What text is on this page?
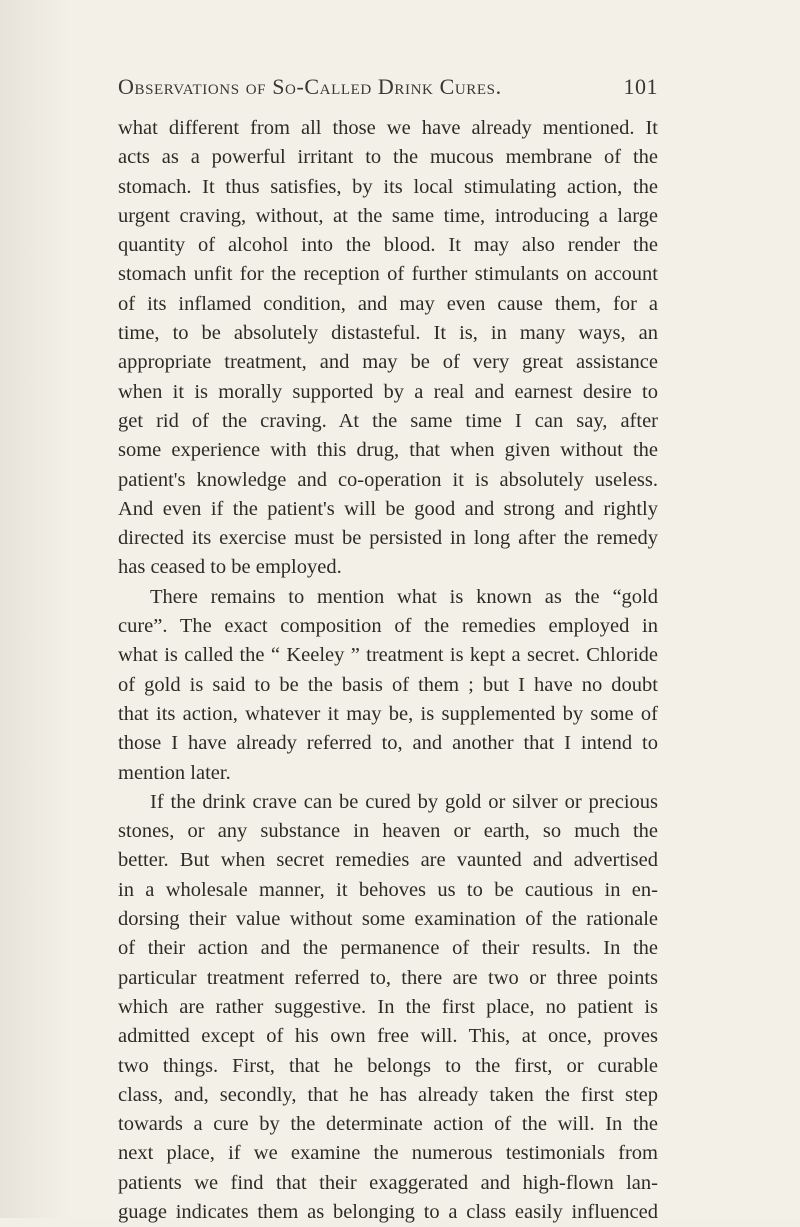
Observations of So-Called Drink Cures.	101
what different from all those we have already mentioned. It
acts as a powerful irritant to the mucous membrane of the
stomach. It thus satisfies, by its local stimulating action, the
urgent craving, without, at the same time, introducing a large
quantity of alcohol into the blood. It may also render the
stomach unfit for the reception of further stimulants on account
of its inflamed condition, and may even cause them, for a
time, to be absolutely distasteful. It is, in many ways, an
appropriate treatment, and may be of very great assistance
when it is morally supported by a real and earnest desire to
get rid of the craving. At the same time I can say, after
some experience with this drug, that when given without the
patient's knowledge and co-operation it is absolutely useless.
And even if the patient's will be good and strong and rightly
directed its exercise must be persisted in long after the remedy
has ceased to be employed.
There remains to mention what is known as the “gold
cure”. The exact composition of the remedies employed in
what is called the “ Keeley ” treatment is kept a secret. Chloride
of gold is said to be the basis of them ; but I have no doubt
that its action, whatever it may be, is supplemented by some of
those I have already referred to, and another that I intend to
mention later.
If the drink crave can be cured by gold or silver or precious
stones, or any substance in heaven or earth, so much the
better. But when secret remedies are vaunted and advertised
in a wholesale manner, it behoves us to be cautious in en-
dorsing their value without some examination of the rationale
of their action and the permanence of their results. In the
particular treatment referred to, there are two or three points
which are rather suggestive. In the first place, no patient is
admitted except of his own free will. This, at once, proves
two things. First, that he belongs to the first, or curable
class, and, secondly, that he has already taken the first step
towards a cure by the determinate action of the will. In the
next place, if we examine the numerous testimonials from
patients we find that their exaggerated and high-flown lan-
guage indicates them as belonging to a class easily influenced
